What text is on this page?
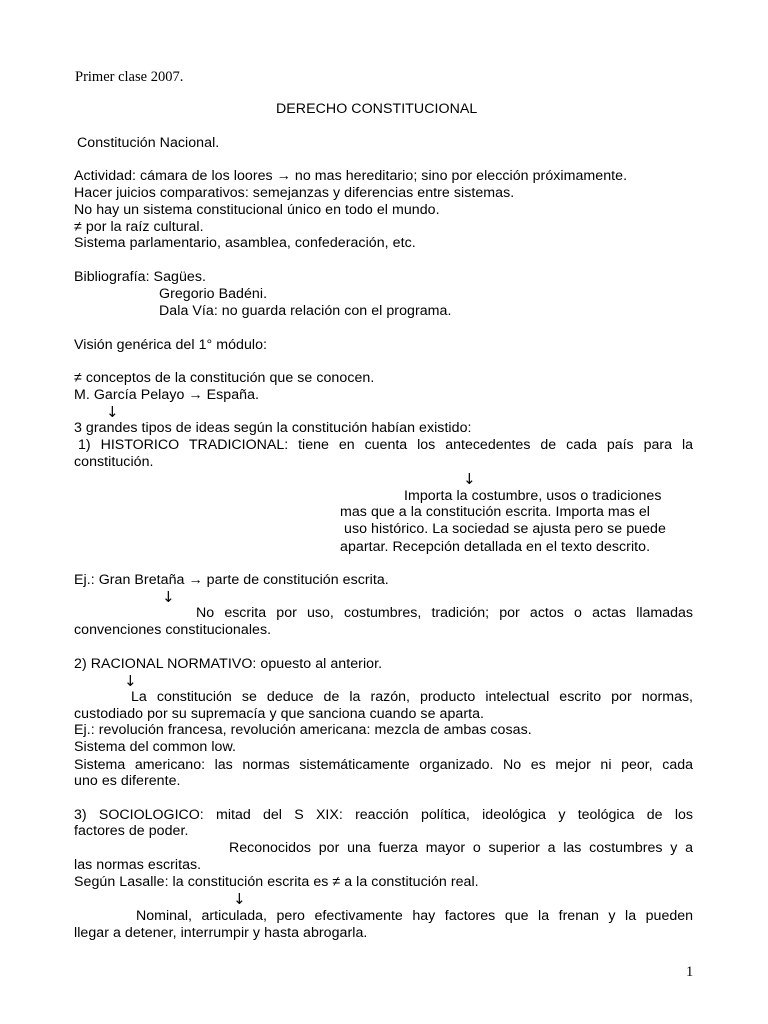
Primer clase 2007.
DERECHO CONSTITUCIONAL
Constitución Nacional.
Actividad: cámara de los loores → no mas hereditario; sino por elección próximamente.
Hacer juicios comparativos: semejanzas y diferencias entre sistemas.
No hay un sistema constitucional único en todo el mundo.
≠ por la raíz cultural.
Sistema parlamentario, asamblea, confederación, etc.
Bibliografía: Sagües.
Gregorio Badéni.
Dala Vía: no guarda relación con el programa.
Visión genérica del 1° módulo:
≠ conceptos de la constitución que se conocen.
M. García Pelayo → España.
↓
3 grandes tipos de ideas según la constitución habían existido:
1) HISTORICO TRADICIONAL: tiene en cuenta los antecedentes de cada país para la
constitución.
↓
Importa la costumbre, usos o tradiciones
mas que a la constitución escrita. Importa mas el
uso histórico. La sociedad se ajusta pero se puede
apartar. Recepción detallada en el texto descrito.
Ej.: Gran Bretaña → parte de constitución escrita.
↓
No escrita por uso, costumbres, tradición; por actos o actas llamadas
convenciones constitucionales.
2) RACIONAL NORMATIVO: opuesto al anterior.
↓
La constitución se deduce de la razón, producto intelectual escrito por normas,
custodiado por su supremacía y que sanciona cuando se aparta.
Ej.: revolución francesa, revolución americana: mezcla de ambas cosas.
Sistema del common low.
Sistema americano: las normas sistemáticamente organizado. No es mejor ni peor, cada
uno es diferente.
3) SOCIOLOGICO: mitad del S XIX: reacción política, ideológica y teológica de los
factores de poder.
Reconocidos por una fuerza mayor o superior a las costumbres y a
las normas escritas.
Según Lasalle: la constitución escrita es ≠ a la constitución real.
↓
Nominal, articulada, pero efectivamente hay factores que la frenan y la pueden
llegar a detener, interrumpir y hasta abrogarla.
1
